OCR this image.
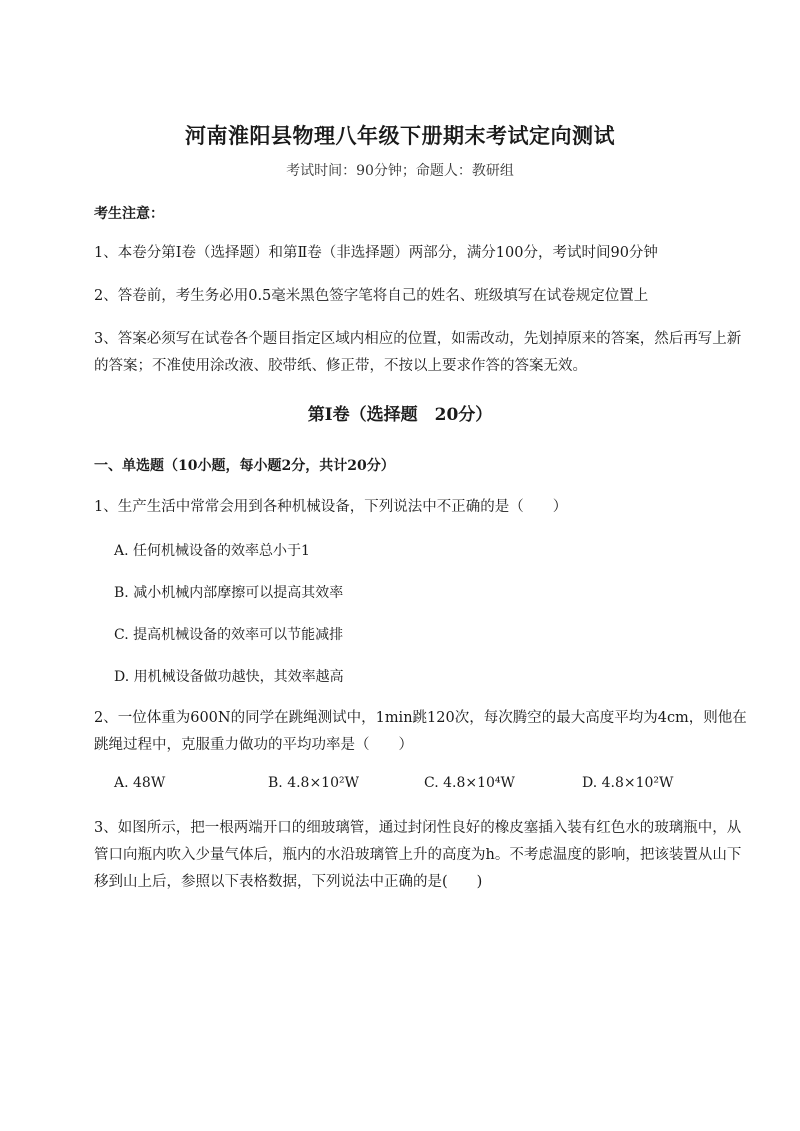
河南淮阳县物理八年级下册期末考试定向测试
考试时间：90分钟；命题人：教研组
考生注意：
1、本卷分第Ⅰ卷（选择题）和第Ⅱ卷（非选择题）两部分，满分100分，考试时间90分钟
2、答卷前，考生务必用0.5毫米黑色签字笔将自己的姓名、班级填写在试卷规定位置上
3、答案必须写在试卷各个题目指定区域内相应的位置，如需改动，先划掉原来的答案，然后再写上新的答案；不准使用涂改液、胶带纸、修正带，不按以上要求作答的答案无效。
第Ⅰ卷（选择题　20分）
一、单选题（10小题，每小题2分，共计20分）
1、生产生活中常常会用到各种机械设备，下列说法中不正确的是（　　）
A. 任何机械设备的效率总小于1
B. 减小机械内部摩擦可以提高其效率
C. 提高机械设备的效率可以节能减排
D. 用机械设备做功越快，其效率越高
2、一位体重为600N的同学在跳绳测试中，1min跳120次，每次腾空的最大高度平均为4cm，则他在跳绳过程中，克服重力做功的平均功率是（　　）
A. 48W	B. 4.8×10²W	C. 4.8×10⁴W	D. 4.8×10²W
3、如图所示，把一根两端开口的细玻璃管，通过封闭性良好的橡皮塞插入装有红色水的玻璃瓶中，从管口向瓶内吹入少量气体后，瓶内的水沿玻璃管上升的高度为h。不考虑温度的影响，把该装置从山下移到山上后，参照以下表格数据，下列说法中正确的是(　　)
